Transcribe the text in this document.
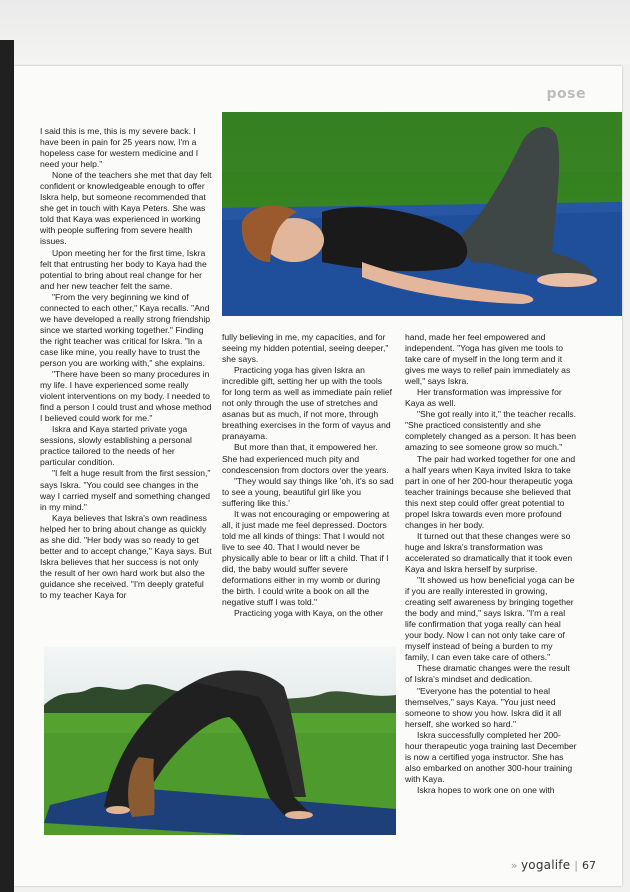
pose

I said this is me, this is my severe back. I have been in pain for 25 years now, I'm a hopeless case for western medicine and I need your help."

None of the teachers she met that day felt confident or knowledgeable enough to offer Iskra help, but someone recommended that she get in touch with Kaya Peters. She was told that Kaya was experienced in working with people suffering from severe health issues.

Upon meeting her for the first time, Iskra felt that entrusting her body to Kaya had the potential to bring about real change for her and her new teacher felt the same.

"From the very beginning we kind of connected to each other," Kaya recalls. "And we have developed a really strong friendship since we started working together." Finding the right teacher was critical for Iskra. "In a case like mine, you really have to trust the person you are working with," she explains.

"There have been so many procedures in my life. I have experienced some really violent interventions on my body. I needed to find a person I could trust and whose method I believed could work for me."

Iskra and Kaya started private yoga sessions, slowly establishing a personal practice tailored to the needs of her particular condition.

"I felt a huge result from the first session," says Iskra. "You could see changes in the way I carried myself and something changed in my mind."

Kaya believes that Iskra's own readiness helped her to bring about change as quickly as she did. "Her body was so ready to get better and to accept change," Kaya says. But Iskra believes that her success is not only the result of her own hard work but also the guidance she received. "I'm deeply grateful to my teacher Kaya for

fully believing in me, my capacities, and for seeing my hidden potential, seeing deeper," she says.

Practicing yoga has given Iskra an incredible gift, setting her up with the tools for long term as well as immediate pain relief not only through the use of stretches and asanas but as much, if not more, through breathing exercises in the form of vayus and pranayama.

But more than that, it empowered her. She had experienced much pity and condescension from doctors over the years.

"They would say things like 'oh, it's so sad to see a young, beautiful girl like you suffering like this.'

It was not encouraging or empowering at all, it just made me feel depressed. Doctors told me all kinds of things: That I would not live to see 40. That I would never be physically able to bear or lift a child. That if I did, the baby would suffer severe deformations either in my womb or during the birth. I could write a book on all the negative stuff I was told."

Practicing yoga with Kaya, on the other

hand, made her feel empowered and independent. "Yoga has given me tools to take care of myself in the long term and it gives me ways to relief pain immediately as well," says Iskra.

Her transformation was impressive for Kaya as well.

"She got really into it," the teacher recalls. "She practiced consistently and she completely changed as a person. It has been amazing to see someone grow so much."

The pair had worked together for one and a half years when Kaya invited Iskra to take part in one of her 200-hour therapeutic yoga teacher trainings because she believed that this next step could offer great potential to propel Iskra towards even more profound changes in her body.

It turned out that these changes were so huge and Iskra's transformation was accelerated so dramatically that it took even Kaya and Iskra herself by surprise.

"It showed us how beneficial yoga can be if you are really interested in growing, creating self awareness by bringing together the body and mind," says Iskra. "I'm a real life confirmation that yoga really can heal your body. Now I can not only take care of myself instead of being a burden to my family, I can even take care of others."

These dramatic changes were the result of Iskra's mindset and dedication.

"Everyone has the potential to heal themselves," says Kaya. "You just need someone to show you how. Iskra did it all herself, she worked so hard."

Iskra successfully completed her 200-hour therapeutic yoga training last December is now a certified yoga instructor. She has also embarked on another 300-hour training with Kaya.

Iskra hopes to work one on one with

» yogalife | 67
